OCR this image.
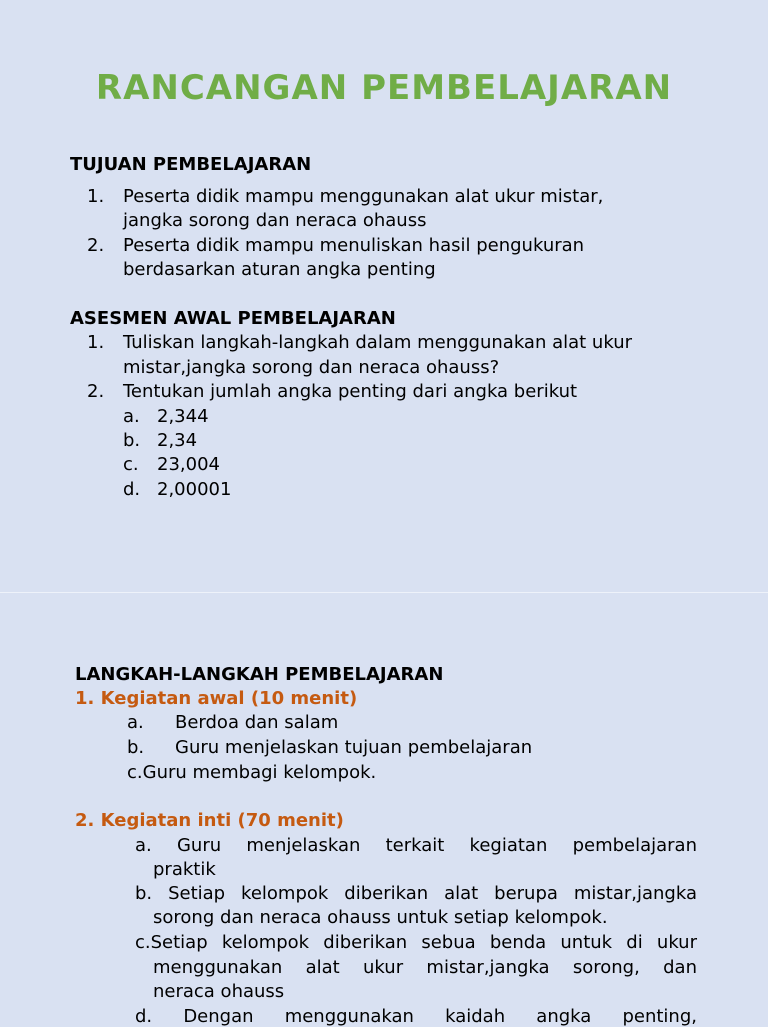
RANCANGAN PEMBELAJARAN
TUJUAN PEMBELAJARAN
1. Peserta didik mampu menggunakan alat ukur mistar,
jangka sorong dan neraca ohauss
2. Peserta didik mampu menuliskan hasil pengukuran
berdasarkan aturan angka penting
ASESMEN AWAL PEMBELAJARAN
1. Tuliskan langkah-langkah dalam menggunakan alat ukur
mistar,jangka sorong dan neraca ohauss?
2. Tentukan jumlah angka penting dari angka berikut
a. 2,344
b. 2,34
c. 23,004
d. 2,00001
LANGKAH-LANGKAH PEMBELAJARAN
1. Kegiatan awal (10 menit)
a. Berdoa dan salam
b. Guru menjelaskan tujuan pembelajaran
c.Guru membagi kelompok.
2. Kegiatan inti (70 menit)
a. Guru menjelaskan terkait kegiatan pembelajaran
praktik
b. Setiap kelompok diberikan alat berupa mistar,jangka
sorong dan neraca ohauss untuk setiap kelompok.
c.Setiap kelompok diberikan sebua benda untuk di ukur
menggunakan alat ukur mistar,jangka sorong, dan
neraca ohauss
d. Dengan menggunakan kaidah angka penting,
